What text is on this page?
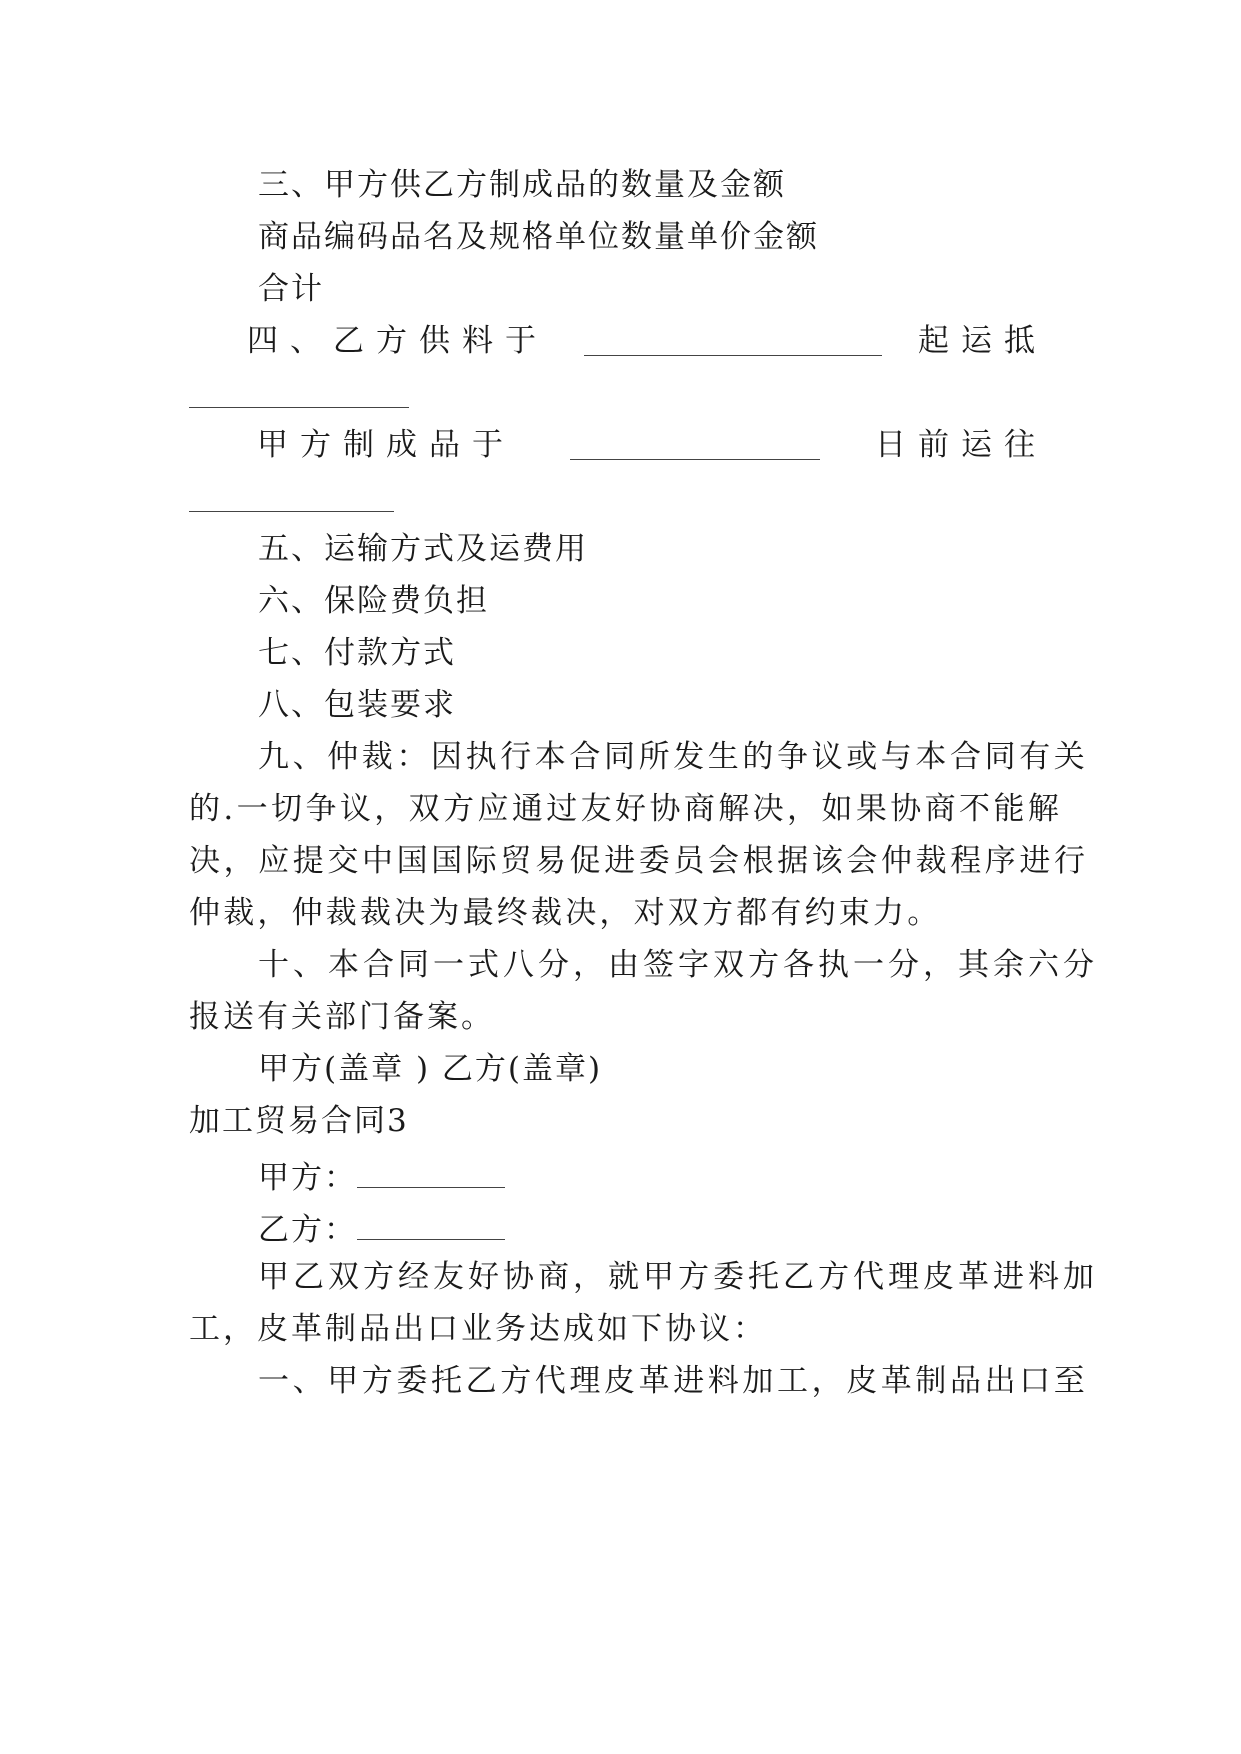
三、甲方供乙方制成品的数量及金额
商品编码品名及规格单位数量单价金额
合计
四、乙方供料于	起运抵
甲方制成品于	日前运往
五、运输方式及运费用
六、保险费负担
七、付款方式
八、包装要求
九、仲裁：因执行本合同所发生的争议或与本合同有关
的.一切争议，双方应通过友好协商解决，如果协商不能解
决，应提交中国国际贸易促进委员会根据该会仲裁程序进行
仲裁，仲裁裁决为最终裁决，对双方都有约束力。
十、本合同一式八分，由签字双方各执一分，其余六分
报送有关部门备案。
甲方(盖章 ) 乙方(盖章)
加工贸易合同3
甲方：
乙方：
甲乙双方经友好协商，就甲方委托乙方代理皮革进料加
工，皮革制品出口业务达成如下协议：
一、甲方委托乙方代理皮革进料加工，皮革制品出口至
